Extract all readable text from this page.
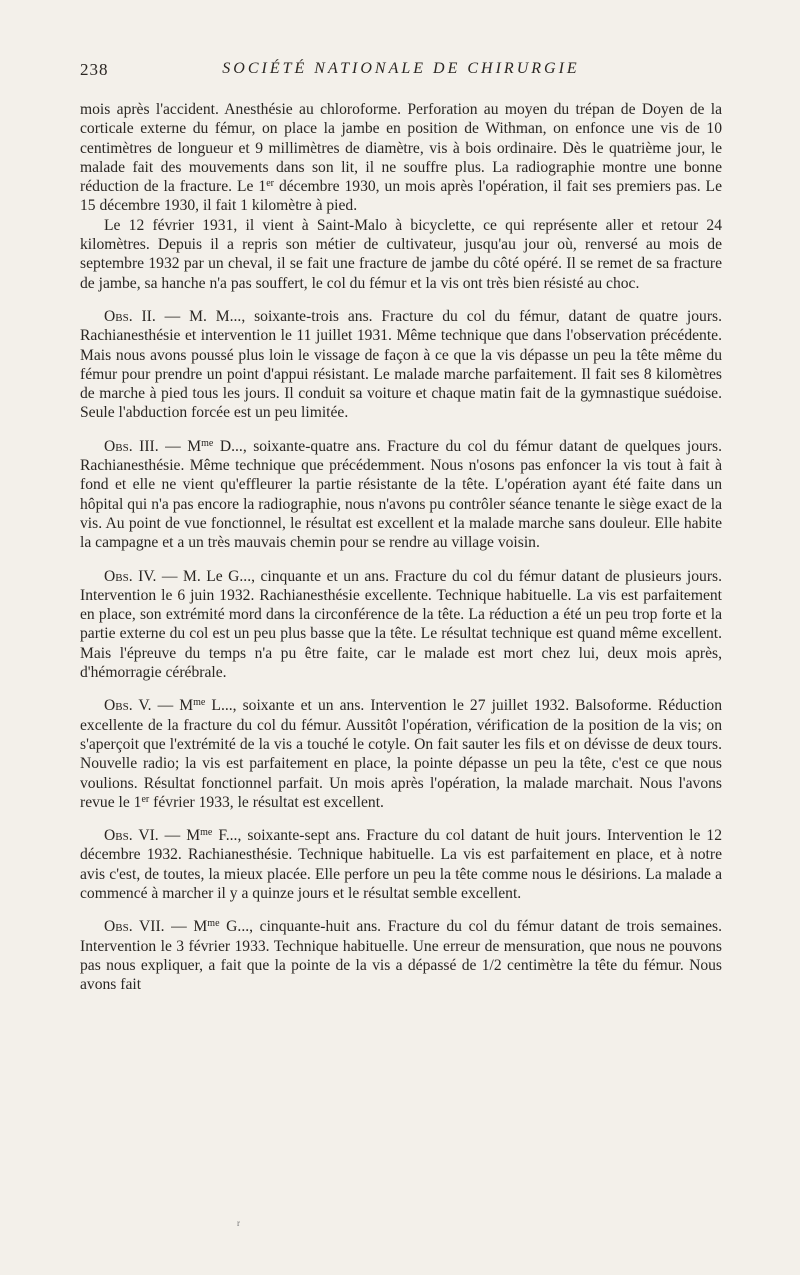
238	SOCIÉTÉ NATIONALE DE CHIRURGIE

mois après l'accident. Anesthésie au chloroforme. Perforation au moyen du trépan de Doyen de la corticale externe du fémur, on place la jambe en position de Withman, on enfonce une vis de 10 centimètres de longueur et 9 millimètres de diamètre, vis à bois ordinaire. Dès le quatrième jour, le malade fait des mouvements dans son lit, il ne souffre plus. La radiographie montre une bonne réduction de la fracture. Le 1er décembre 1930, un mois après l'opération, il fait ses premiers pas. Le 15 décembre 1930, il fait 1 kilomètre à pied.

Le 12 février 1931, il vient à Saint-Malo à bicyclette, ce qui représente aller et retour 24 kilomètres. Depuis il a repris son métier de cultivateur, jusqu'au jour où, renversé au mois de septembre 1932 par un cheval, il se fait une fracture de jambe du côté opéré. Il se remet de sa fracture de jambe, sa hanche n'a pas souffert, le col du fémur et la vis ont très bien résisté au choc.

Obs. II. — M. M..., soixante-trois ans. Fracture du col du fémur, datant de quatre jours. Rachianesthésie et intervention le 11 juillet 1931. Même technique que dans l'observation précédente. Mais nous avons poussé plus loin le vissage de façon à ce que la vis dépasse un peu la tête même du fémur pour prendre un point d'appui résistant. Le malade marche parfaitement. Il fait ses 8 kilomètres de marche à pied tous les jours. Il conduit sa voiture et chaque matin fait de la gymnastique suédoise. Seule l'abduction forcée est un peu limitée.

Obs. III. — $M^{me}$ D..., soixante-quatre ans. Fracture du col du fémur datant de quelques jours. Rachianesthésie. Même technique que précédemment. Nous n'osons pas enfoncer la vis tout à fait à fond et elle ne vient qu'effleurer la partie résistante de la tête. L'opération ayant été faite dans un hôpital qui n'a pas encore la radiographie, nous n'avons pu contrôler séance tenante le siège exact de la vis. Au point de vue fonctionnel, le résultat est excellent et la malade marche sans douleur. Elle habite la campagne et a un très mauvais chemin pour se rendre au village voisin.

Obs. IV. — M. Le G..., cinquante et un ans. Fracture du col du fémur datant de plusieurs jours. Intervention le 6 juin 1932. Rachianesthésie excellente. Technique habituelle. La vis est parfaitement en place, son extrémité mord dans la circonférence de la tête. La réduction a été un peu trop forte et la partie externe du col est un peu plus basse que la tête. Le résultat technique est quand même excellent. Mais l'épreuve du temps n'a pu être faite, car le malade est mort chez lui, deux mois après, d'hémorragie cérébrale.

Obs. V. — $M^{me}$ L..., soixante et un ans. Intervention le 27 juillet 1932. Balsoforme. Réduction excellente de la fracture du col du fémur. Aussitôt l'opération, vérification de la position de la vis; on s'aperçoit que l'extrémité de la vis a touché le cotyle. On fait sauter les fils et on dévisse de deux tours. Nouvelle radio; la vis est parfaitement en place, la pointe dépasse un peu la tête, c'est ce que nous voulions. Résultat fonctionnel parfait. Un mois après l'opération, la malade marchait. Nous l'avons revue le 1er février 1933, le résultat est excellent.

Obs. VI. — $M^{me}$ F..., soixante-sept ans. Fracture du col datant de huit jours. Intervention le 12 décembre 1932. Rachianesthésie. Technique habituelle. La vis est parfaitement en place, et à notre avis c'est, de toutes, la mieux placée. Elle perfore un peu la tête comme nous le désirions. La malade a commencé à marcher il y a quinze jours et le résultat semble excellent.

Obs. VII. — $M^{me}$ G..., cinquante-huit ans. Fracture du col du fémur datant de trois semaines. Intervention le 3 février 1933. Technique habituelle. Une erreur de mensuration, que nous ne pouvons pas nous expliquer, a fait que la pointe de la vis a dépassé de 1/2 centimètre la tête du fémur. Nous avons fait

r
